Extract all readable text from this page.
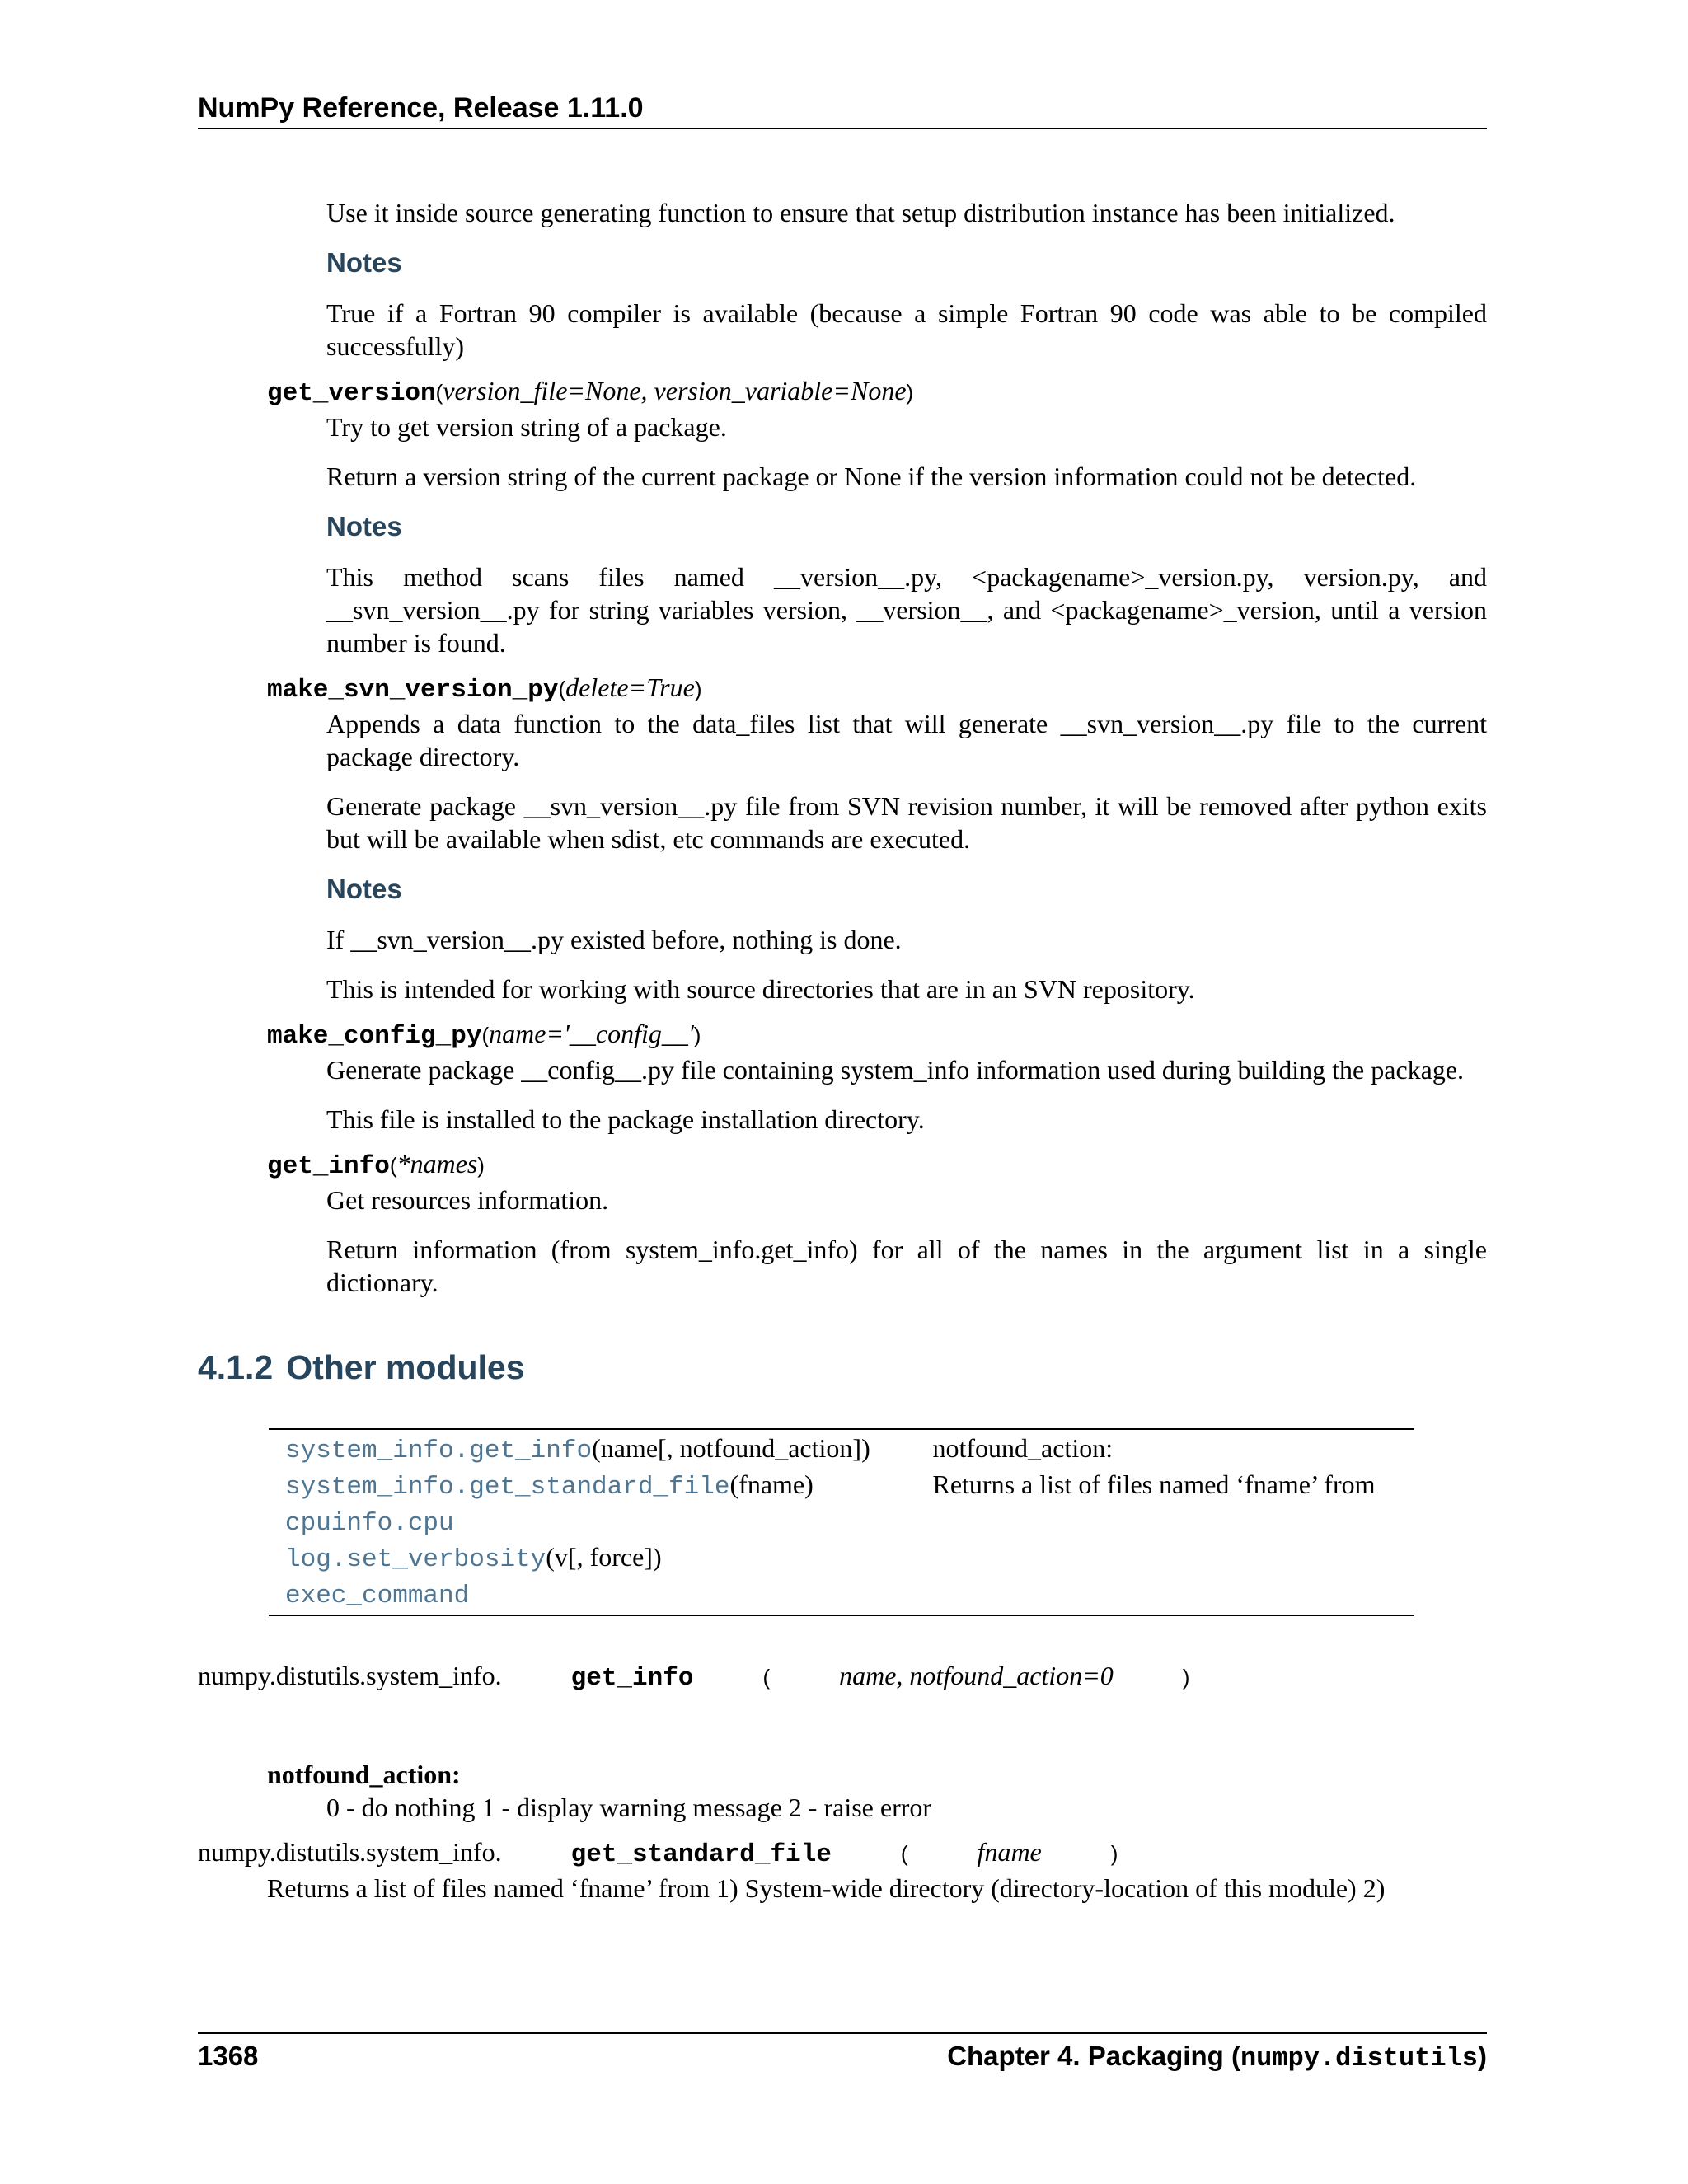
NumPy Reference, Release 1.11.0

Use it inside source generating function to ensure that setup distribution instance has been initialized.

Notes

True if a Fortran 90 compiler is available (because a simple Fortran 90 code was able to be compiled successfully)

get_version(version_file=None, version_variable=None)

Try to get version string of a package.

Return a version string of the current package or None if the version information could not be detected.

Notes

This method scans files named __version__.py, <packagename>_version.py, version.py, and __svn_version__.py for string variables version, __version__, and <packagename>_version, until a version number is found.

make_svn_version_py(delete=True)

Appends a data function to the data_files list that will generate __svn_version__.py file to the current package directory.

Generate package __svn_version__.py file from SVN revision number, it will be removed after python exits but will be available when sdist, etc commands are executed.

Notes

If __svn_version__.py existed before, nothing is done.

This is intended for working with source directories that are in an SVN repository.

make_config_py(name='__config__')

Generate package __config__.py file containing system_info information used during building the package.

This file is installed to the package installation directory.

get_info(*names)

Get resources information.

Return information (from system_info.get_info) for all of the names in the argument list in a single dictionary.

4.1.2 Other modules
system_info.get_info(name[, notfound_action])	notfound_action:
system_info.get_standard_file(fname)	Returns a list of files named ‘fname’ from
cpuinfo.cpu	
log.set_verbosity(v[, force])	
exec_command	
numpy.distutils.system_info.	get_info	(	name, notfound_action=0	)
notfound_action:
0 - do nothing 1 - display warning message 2 - raise error
numpy.distutils.system_info.	get_standard_file	(	fname	)

Returns a list of files named ‘fname’ from 1) System-wide directory (directory-location of this module) 2)

1368	Chapter 4. Packaging (numpy.distutils)
